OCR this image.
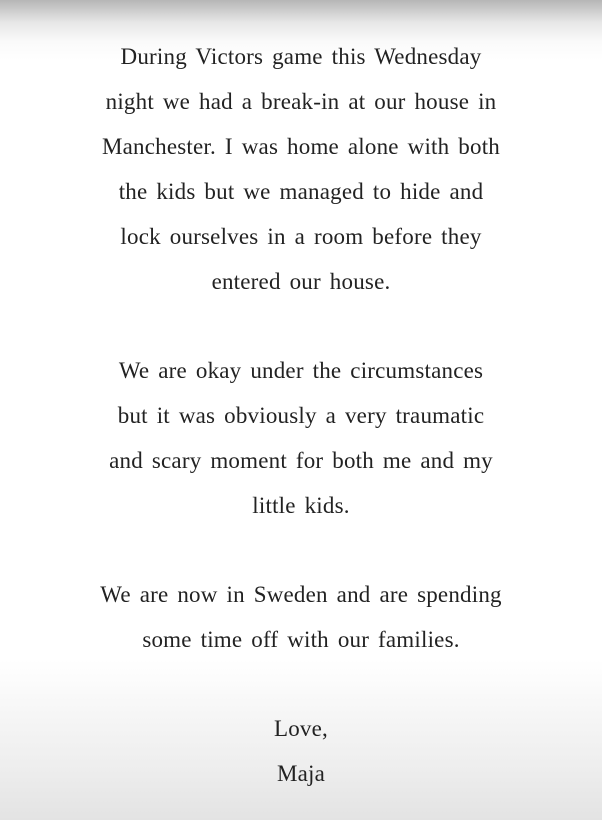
During Victors game this Wednesday
night we had a break-in at our house in
Manchester. I was home alone with both
the kids but we managed to hide and
lock ourselves in a room before they
entered our house.

We are okay under the circumstances
but it was obviously a very traumatic
and scary moment for both me and my
little kids.

We are now in Sweden and are spending
some time off with our families.

Love,
Maja
